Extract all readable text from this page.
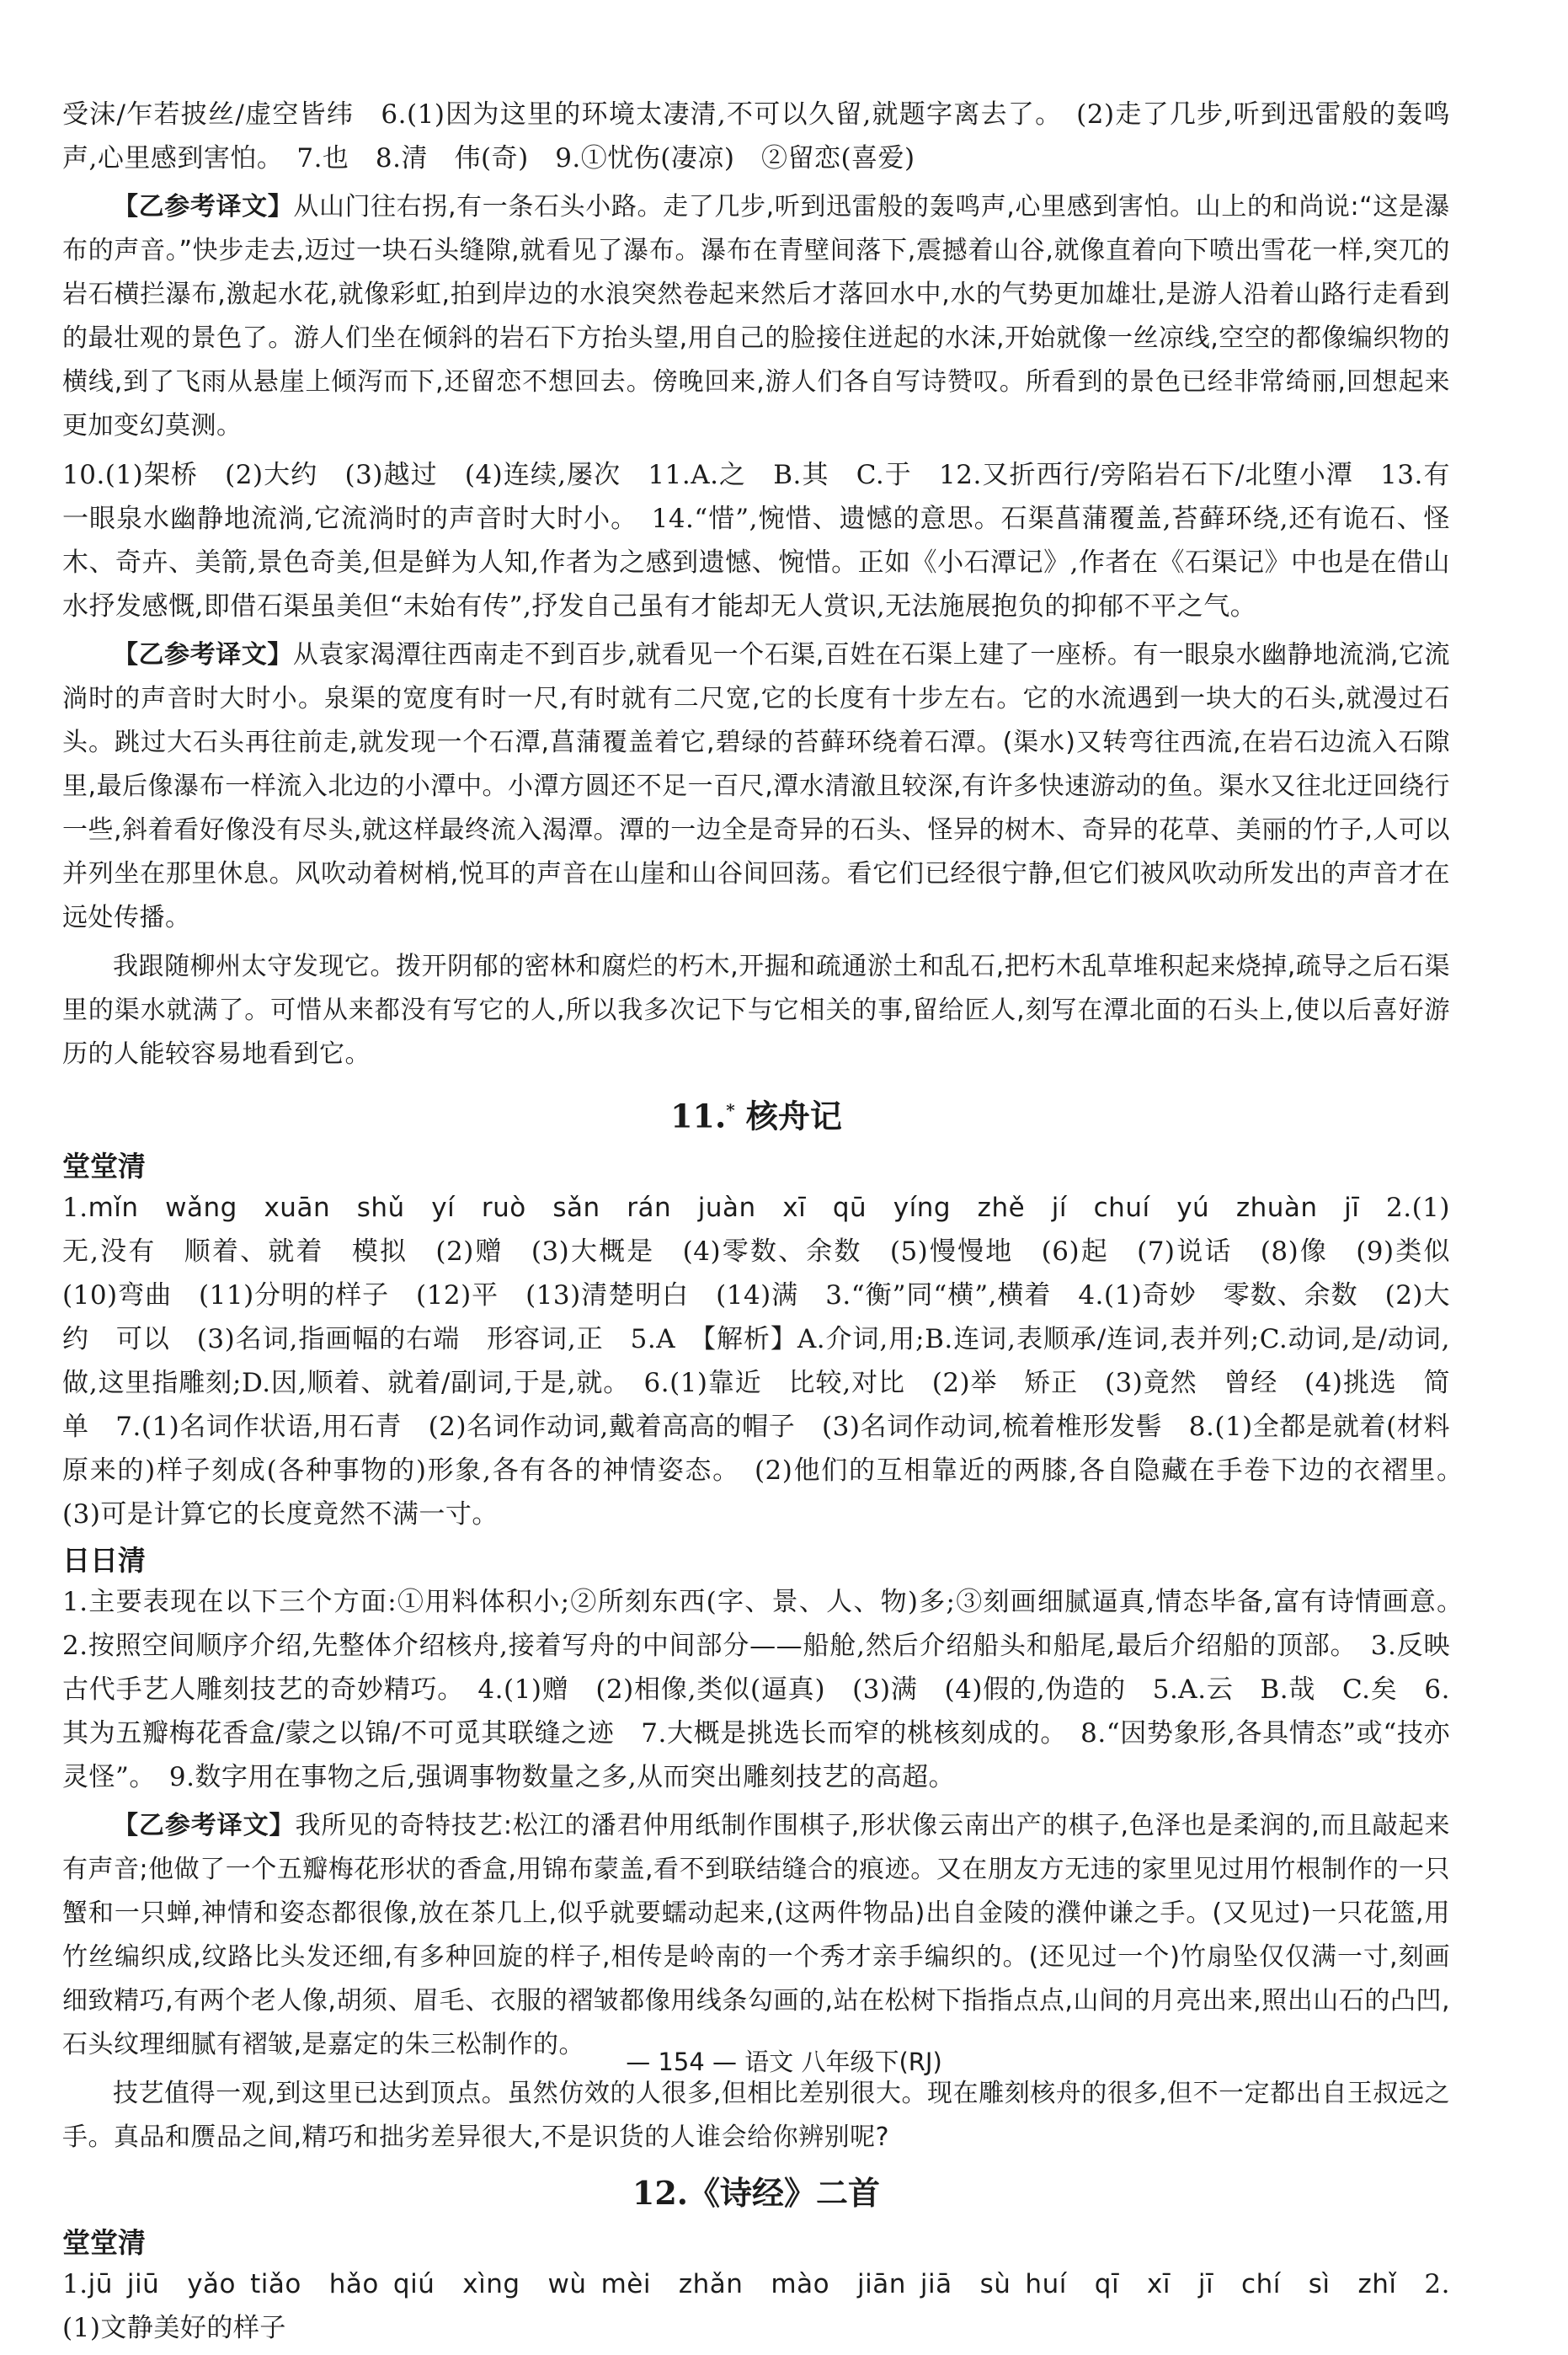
受沫/乍若披丝/虚空皆纬　6.(1)因为这里的环境太凄清,不可以久留,就题字离去了。　(2)走了几步,听到迅雷般的轰鸣声,心里感到害怕。　7.也　8.清　伟(奇)　9.①忧伤(凄凉)　②留恋(喜爱)

【乙参考译文】从山门往右拐,有一条石头小路。走了几步,听到迅雷般的轰鸣声,心里感到害怕。山上的和尚说:“这是瀑布的声音。”快步走去,迈过一块石头缝隙,就看见了瀑布。瀑布在青壁间落下,震撼着山谷,就像直着向下喷出雪花一样,突兀的岩石横拦瀑布,激起水花,就像彩虹,拍到岸边的水浪突然卷起来然后才落回水中,水的气势更加雄壮,是游人沿着山路行走看到的最壮观的景色了。游人们坐在倾斜的岩石下方抬头望,用自己的脸接住迸起的水沫,开始就像一丝凉线,空空的都像编织物的横线,到了飞雨从悬崖上倾泻而下,还留恋不想回去。傍晚回来,游人们各自写诗赞叹。所看到的景色已经非常绮丽,回想起来更加变幻莫测。

10.(1)架桥　(2)大约　(3)越过　(4)连续,屡次　11.A.之　B.其　C.于　12.又折西行/旁陷岩石下/北堕小潭　13.有一眼泉水幽静地流淌,它流淌时的声音时大时小。　14.“惜”,惋惜、遗憾的意思。石渠菖蒲覆盖,苔藓环绕,还有诡石、怪木、奇卉、美箭,景色奇美,但是鲜为人知,作者为之感到遗憾、惋惜。正如《小石潭记》,作者在《石渠记》中也是在借山水抒发感慨,即借石渠虽美但“未始有传”,抒发自己虽有才能却无人赏识,无法施展抱负的抑郁不平之气。

【乙参考译文】从袁家渴潭往西南走不到百步,就看见一个石渠,百姓在石渠上建了一座桥。有一眼泉水幽静地流淌,它流淌时的声音时大时小。泉渠的宽度有时一尺,有时就有二尺宽,它的长度有十步左右。它的水流遇到一块大的石头,就漫过石头。跳过大石头再往前走,就发现一个石潭,菖蒲覆盖着它,碧绿的苔藓环绕着石潭。(渠水)又转弯往西流,在岩石边流入石隙里,最后像瀑布一样流入北边的小潭中。小潭方圆还不足一百尺,潭水清澈且较深,有许多快速游动的鱼。渠水又往北迂回绕行一些,斜着看好像没有尽头,就这样最终流入渴潭。潭的一边全是奇异的石头、怪异的树木、奇异的花草、美丽的竹子,人可以并列坐在那里休息。风吹动着树梢,悦耳的声音在山崖和山谷间回荡。看它们已经很宁静,但它们被风吹动所发出的声音才在远处传播。

我跟随柳州太守发现它。拨开阴郁的密林和腐烂的朽木,开掘和疏通淤土和乱石,把朽木乱草堆积起来烧掉,疏导之后石渠里的渠水就满了。可惜从来都没有写它的人,所以我多次记下与它相关的事,留给匠人,刻写在潭北面的石头上,使以后喜好游历的人能较容易地看到它。

11.* 核舟记
堂堂清

1.mǐn　wǎng　xuān　shǔ　yí　ruò　sǎn　rán　juàn　xī　qū　yíng　zhě　jí　chuí　yú　zhuàn　jī　2.(1)无,没有　顺着、就着　模拟　(2)赠　(3)大概是　(4)零数、余数　(5)慢慢地　(6)起　(7)说话　(8)像　(9)类似　(10)弯曲　(11)分明的样子　(12)平　(13)清楚明白　(14)满　3.“衡”同“横”,横着　4.(1)奇妙　零数、余数　(2)大约　可以　(3)名词,指画幅的右端　形容词,正　5.A　【解析】A.介词,用;B.连词,表顺承/连词,表并列;C.动词,是/动词,做,这里指雕刻;D.因,顺着、就着/副词,于是,就。　6.(1)靠近　比较,对比　(2)举　矫正　(3)竟然　曾经　(4)挑选　简单　7.(1)名词作状语,用石青　(2)名词作动词,戴着高高的帽子　(3)名词作动词,梳着椎形发髻　8.(1)全都是就着(材料原来的)样子刻成(各种事物的)形象,各有各的神情姿态。　(2)他们的互相靠近的两膝,各自隐藏在手卷下边的衣褶里。　(3)可是计算它的长度竟然不满一寸。

日日清

1.主要表现在以下三个方面:①用料体积小;②所刻东西(字、景、人、物)多;③刻画细腻逼真,情态毕备,富有诗情画意。　2.按照空间顺序介绍,先整体介绍核舟,接着写舟的中间部分——船舱,然后介绍船头和船尾,最后介绍船的顶部。　3.反映古代手艺人雕刻技艺的奇妙精巧。　4.(1)赠　(2)相像,类似(逼真)　(3)满　(4)假的,伪造的　5.A.云　B.哉　C.矣　6.其为五瓣梅花香盒/蒙之以锦/不可觅其联缝之迹　7.大概是挑选长而窄的桃核刻成的。　8.“因势象形,各具情态”或“技亦灵怪”。　9.数字用在事物之后,强调事物数量之多,从而突出雕刻技艺的高超。

【乙参考译文】我所见的奇特技艺:松江的潘君仲用纸制作围棋子,形状像云南出产的棋子,色泽也是柔润的,而且敲起来有声音;他做了一个五瓣梅花形状的香盒,用锦布蒙盖,看不到联结缝合的痕迹。又在朋友方无违的家里见过用竹根制作的一只蟹和一只蝉,神情和姿态都很像,放在茶几上,似乎就要蠕动起来,(这两件物品)出自金陵的濮仲谦之手。(又见过)一只花篮,用竹丝编织成,纹路比头发还细,有多种回旋的样子,相传是岭南的一个秀才亲手编织的。(还见过一个)竹扇坠仅仅满一寸,刻画细致精巧,有两个老人像,胡须、眉毛、衣服的褶皱都像用线条勾画的,站在松树下指指点点,山间的月亮出来,照出山石的凸凹,石头纹理细腻有褶皱,是嘉定的朱三松制作的。

技艺值得一观,到这里已达到顶点。虽然仿效的人很多,但相比差别很大。现在雕刻核舟的很多,但不一定都出自王叔远之手。真品和赝品之间,精巧和拙劣差异很大,不是识货的人谁会给你辨别呢?

12.《诗经》二首
堂堂清

1.jū jiū　yǎo tiǎo　hǎo qiú　xìng　wù mèi　zhǎn　mào　jiān jiā　sù huí　qī　xī　jī　chí　sì　zhǐ　2.(1)文静美好的样子

— 154 — 语文 八年级下(RJ)
